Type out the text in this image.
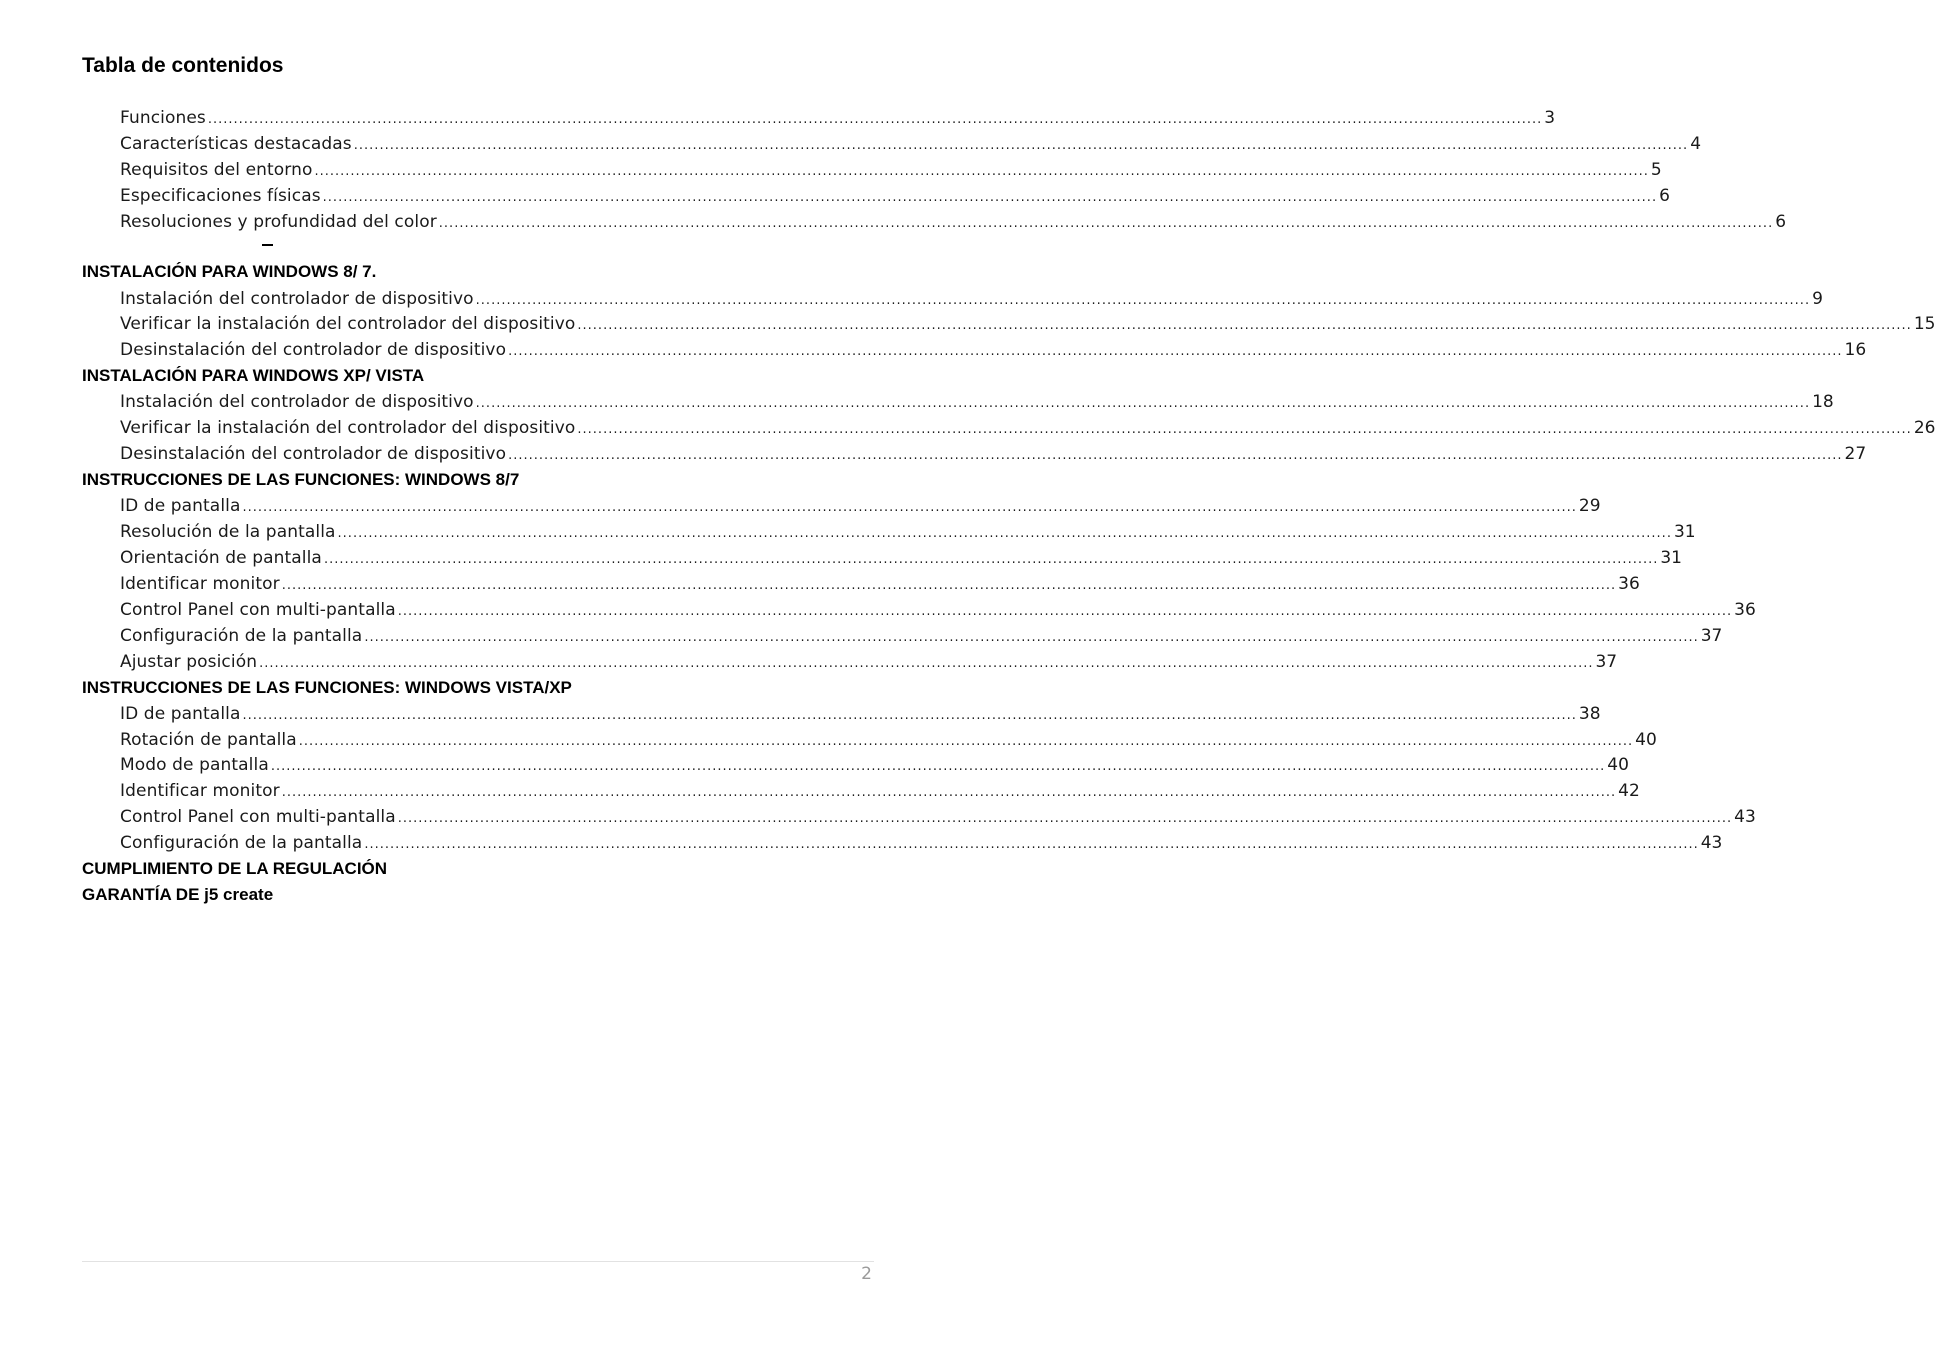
Tabla de contenidos
Funciones .................................................................................................................................................................................................................................................................... 3
Características destacadas .................................................................................................................................................................................................................................................................... 4
Requisitos del entorno .................................................................................................................................................................................................................................................................... 5
Especificaciones físicas .................................................................................................................................................................................................................................................................... 6
Resoluciones y profundidad del color .................................................................................................................................................................................................................................................................... 6
INSTALACIÓN PARA WINDOWS 8/ 7.
Instalación del controlador de dispositivo .................................................................................................................................................................................................................................................................... 9
Verificar la instalación del controlador del dispositivo .................................................................................................................................................................................................................................................................... 15
Desinstalación del controlador de dispositivo .................................................................................................................................................................................................................................................................... 16
INSTALACIÓN PARA WINDOWS XP/ VISTA
Instalación del controlador de dispositivo .................................................................................................................................................................................................................................................................... 18
Verificar la instalación del controlador del dispositivo .................................................................................................................................................................................................................................................................... 26
Desinstalación del controlador de dispositivo .................................................................................................................................................................................................................................................................... 27
INSTRUCCIONES DE LAS FUNCIONES: WINDOWS 8/7
ID de pantalla .................................................................................................................................................................................................................................................................... 29
Resolución de la pantalla .................................................................................................................................................................................................................................................................... 31
Orientación de pantalla .................................................................................................................................................................................................................................................................... 31
Identificar monitor .................................................................................................................................................................................................................................................................... 36
Control Panel con multi-pantalla .................................................................................................................................................................................................................................................................... 36
Configuración de la pantalla .................................................................................................................................................................................................................................................................... 37
Ajustar posición .................................................................................................................................................................................................................................................................... 37
INSTRUCCIONES DE LAS FUNCIONES: WINDOWS VISTA/XP
ID de pantalla .................................................................................................................................................................................................................................................................... 38
Rotación de pantalla .................................................................................................................................................................................................................................................................... 40
Modo de pantalla .................................................................................................................................................................................................................................................................... 40
Identificar monitor .................................................................................................................................................................................................................................................................... 42
Control Panel con multi-pantalla .................................................................................................................................................................................................................................................................... 43
Configuración de la pantalla .................................................................................................................................................................................................................................................................... 43
CUMPLIMIENTO DE LA REGULACIÓN
GARANTÍA DE j5 create
2
